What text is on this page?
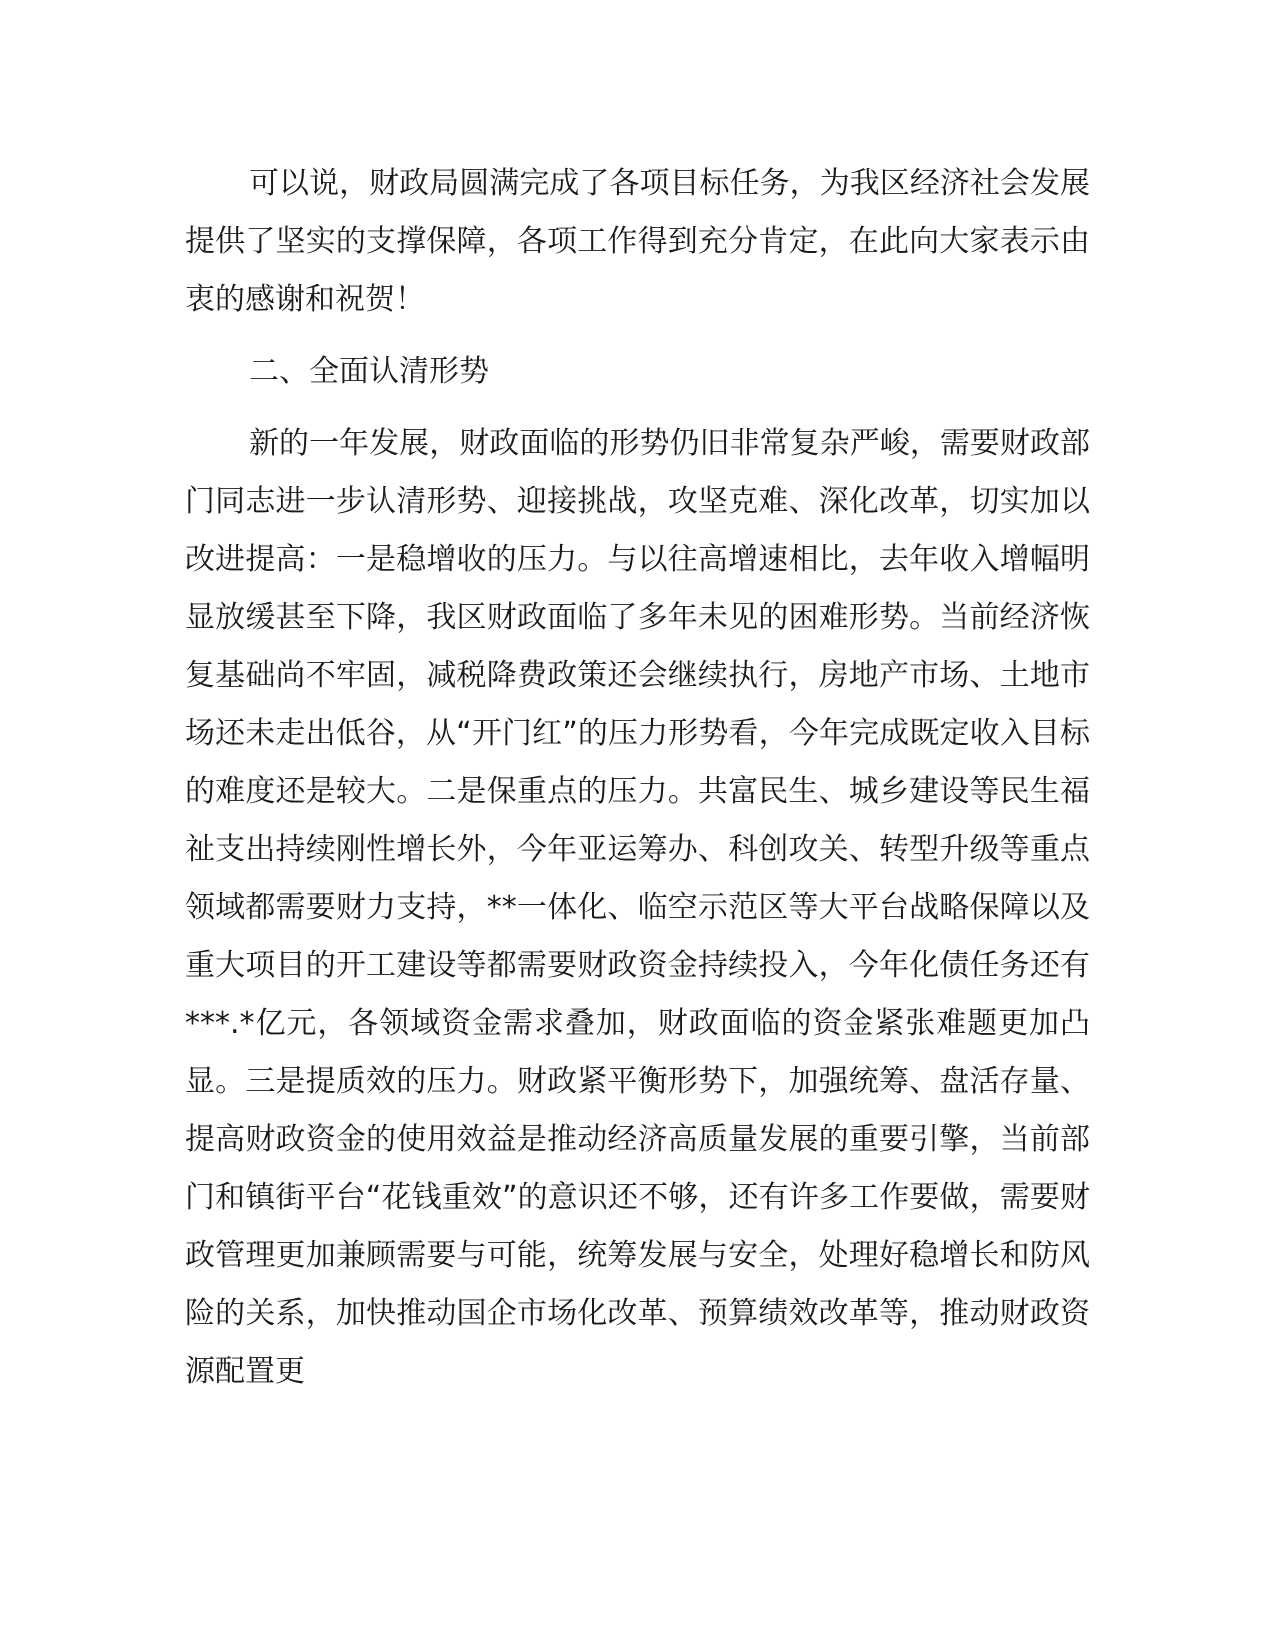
可以说，财政局圆满完成了各项目标任务，为我区经济社会发展提供了坚实的支撑保障，各项工作得到充分肯定，在此向大家表示由衷的感谢和祝贺！

二、全面认清形势

新的一年发展，财政面临的形势仍旧非常复杂严峻，需要财政部门同志进一步认清形势、迎接挑战，攻坚克难、深化改革，切实加以改进提高：一是稳增收的压力。与以往高增速相比，去年收入增幅明显放缓甚至下降，我区财政面临了多年未见的困难形势。当前经济恢复基础尚不牢固，减税降费政策还会继续执行，房地产市场、土地市场还未走出低谷，从“开门红”的压力形势看，今年完成既定收入目标的难度还是较大。二是保重点的压力。共富民生、城乡建设等民生福祉支出持续刚性增长外，今年亚运筹办、科创攻关、转型升级等重点领域都需要财力支持，**一体化、临空示范区等大平台战略保障以及重大项目的开工建设等都需要财政资金持续投入，今年化债任务还有***.*亿元，各领域资金需求叠加，财政面临的资金紧张难题更加凸显。三是提质效的压力。财政紧平衡形势下，加强统筹、盘活存量、提高财政资金的使用效益是推动经济高质量发展的重要引擎，当前部门和镇街平台“花钱重效”的意识还不够，还有许多工作要做，需要财政管理更加兼顾需要与可能，统筹发展与安全，处理好稳增长和防风险的关系，加快推动国企市场化改革、预算绩效改革等，推动财政资源配置更
